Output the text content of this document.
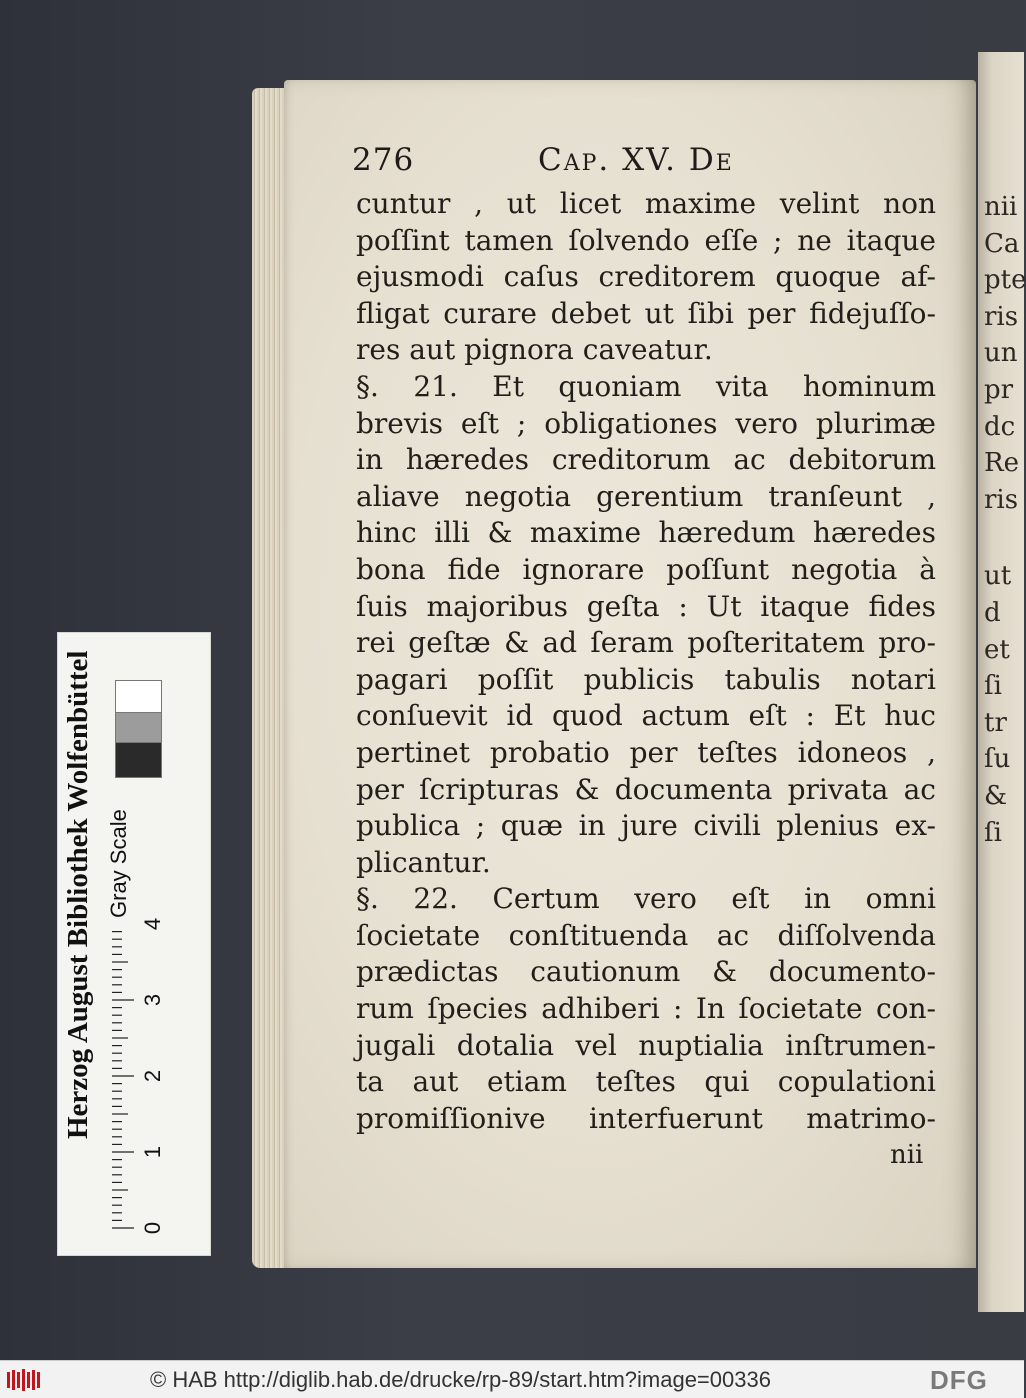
nii
Ca
pte
ris
un
pr
dc
Re
ris
ut
d
et
ſi
tr
ſu
&
ſi
276	Cap. XV. De
cuntur , ut licet maxime velint non
poſſint tamen ſolvendo eſſe ; ne itaque
ejusmodi caſus creditorem quoque af-
fligat curare debet ut ſibi per fidejuſſo-
res aut pignora caveatur.
§. 21. Et quoniam vita hominum
brevis eſt ; obligationes vero plurimæ
in hæredes creditorum ac debitorum
aliave negotia gerentium tranſeunt ,
hinc illi & maxime hæredum hæredes
bona fide ignorare poſſunt negotia à
ſuis majoribus geſta : Ut itaque fides
rei geſtæ & ad ſeram poſteritatem pro-
pagari poſſit publicis tabulis notari
conſuevit id quod actum eſt : Et huc
pertinet probatio per teſtes idoneos ,
per ſcripturas & documenta privata ac
publica ; quæ in jure civili plenius ex-
plicantur.
§. 22. Certum vero eſt in omni
ſocietate conſtituenda ac diſſolvenda
prædictas cautionum & documento-
rum ſpecies adhiberi : In ſocietate con-
jugali dotalia vel nuptialia inſtrumen-
ta aut etiam teſtes qui copulationi
promiſſionive interfuerunt matrimo-
nii
Herzog August Bibliothek Wolfenbüttel Gray Scale
0
1
2
3
4
© HAB http://diglib.hab.de/drucke/rp-89/start.htm?image=00336	DFG
